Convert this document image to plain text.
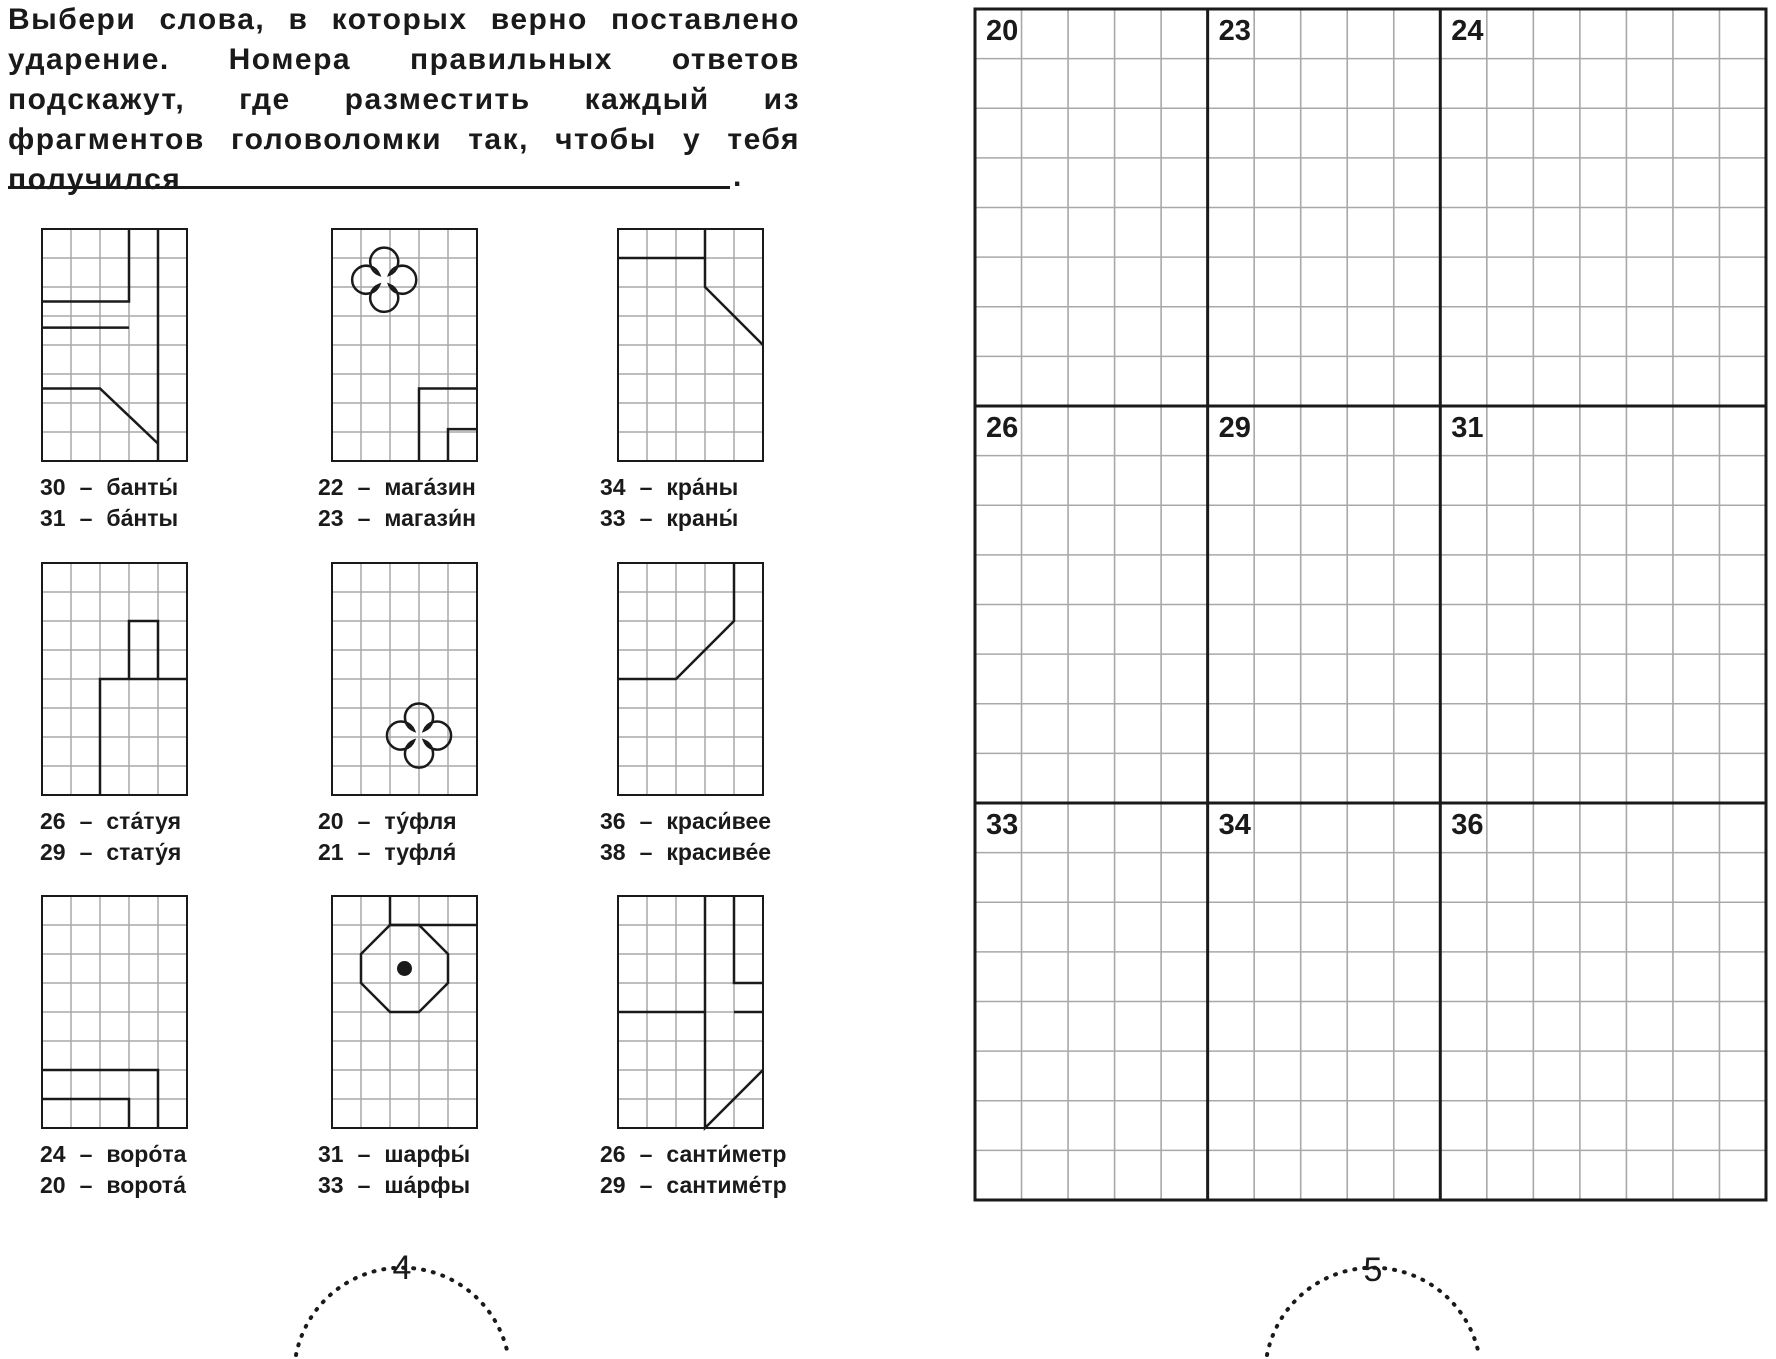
Выбери слова, в которых верно поставлено ударение. Номера правильных ответов подскажут, где разместить каждый из фрагментов головоломки так, чтобы у тебя получился	.
30 – банты́
31 – ба́нты
22 – мага́зин
23 – магази́н
34 – кра́ны
33 – краны́
26 – ста́туя
29 – стату́я
20 – ту́фля
21 – туфля́
36 – краси́вее
38 – красиве́е
24 – воро́та
20 – ворота́
31 – шарфы́
33 – ша́рфы
26 – санти́метр
29 – сантиме́тр
20	23	24
26	29	31
33	34	36
4	5
